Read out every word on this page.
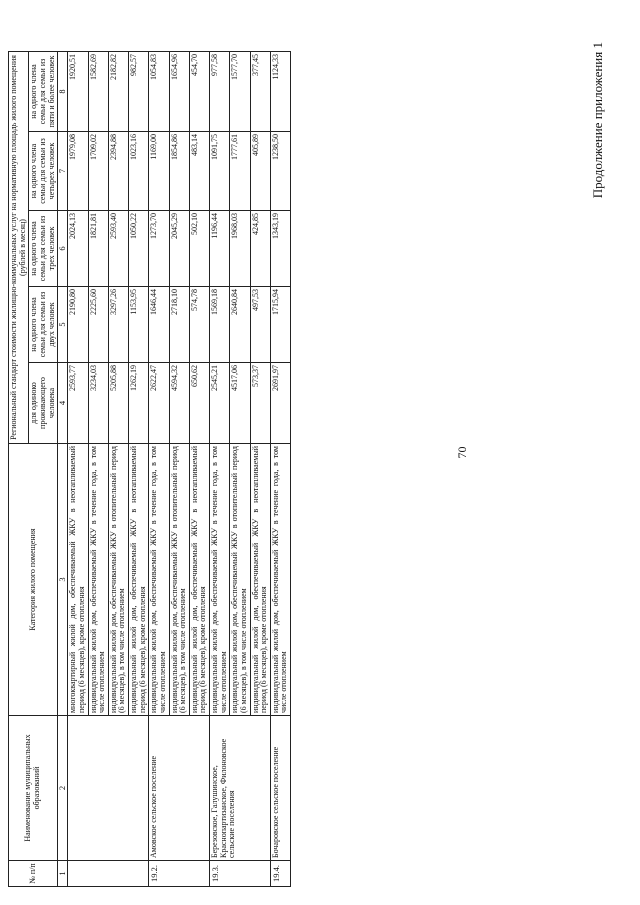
70
Продолжение приложения 1
№ п/п	Наименование муниципальных образований	Категория жилого помещения	Региональный стандарт стоимости жилищно-коммунальных услуг на нормативную площадь жилого помещения (рублей в месяц)				
			для одиноко проживающего человека	на одного члена семьи для семьи из двух человек	на одного члена семьи для семьи из трех человек	на одного члена семьи для семьи из четырех человек	на одного члена семьи для семьи из пяти и более человек
1	2	3	4	5	6	7	8
		многоквартирный жилой дом, обеспечиваемый ЖКУ в неотапливаемый период (6 месяцев), кроме отопления	2593,77	2190,80	2024,13	1979,08	1920,51
		индивидуальный жилой дом, обеспечиваемый ЖКУ в течение года, в том числе отоплением	3234,03	2225,60	1821,81	1709,02	1582,69
		индивидуальный жилой дом, обеспечиваемый ЖКУ в отопительный период (6 месяцев), в том числе отоплением	5205,88	3297,26	2593,40	2394,88	2182,82
		индивидуальный жилой дом, обеспечиваемый ЖКУ в неотапливаемый период (6 месяцев), кроме отопления	1262,19	1153,95	1050,22	1023,16	982,57
19.2.	Амовское сельское поселение	индивидуальный жилой дом, обеспечиваемый ЖКУ в течение года, в том числе отоплением	2622,47	1646,44	1273,70	1169,00	1054,83
		индивидуальный жилой дом, обеспечиваемый ЖКУ в отопительный период (6 месяцев), в том числе отоплением	4594,32	2718,10	2045,29	1854,86	1654,96
		индивидуальный жилой дом, обеспечиваемый ЖКУ в неотапливаемый период (6 месяцев), кроме отопления	650,62	574,78	502,10	483,14	454,70
19.3.	Березовское, Галушинское, Краснопартизанское, Филоновское сельские поселения	индивидуальный жилой дом, обеспечиваемый ЖКУ в течение года, в том числе отоплением	2545,21	1569,18	1196,44	1091,75	977,58
		индивидуальный жилой дом, обеспечиваемый ЖКУ в отопительный период (6 месяцев), в том числе отоплением	4517,06	2640,84	1968,03	1777,61	1577,70
		индивидуальный жилой дом, обеспечиваемый ЖКУ в неотапливаемый период (6 месяцев), кроме отопления	573,37	497,53	424,85	405,89	377,45
19.4.	Бочаровское сельское поселение	индивидуальный жилой дом, обеспечиваемый ЖКУ в течение года, в том числе отоплением	2691,97	1715,94	1343,19	1238,50	1124,33
